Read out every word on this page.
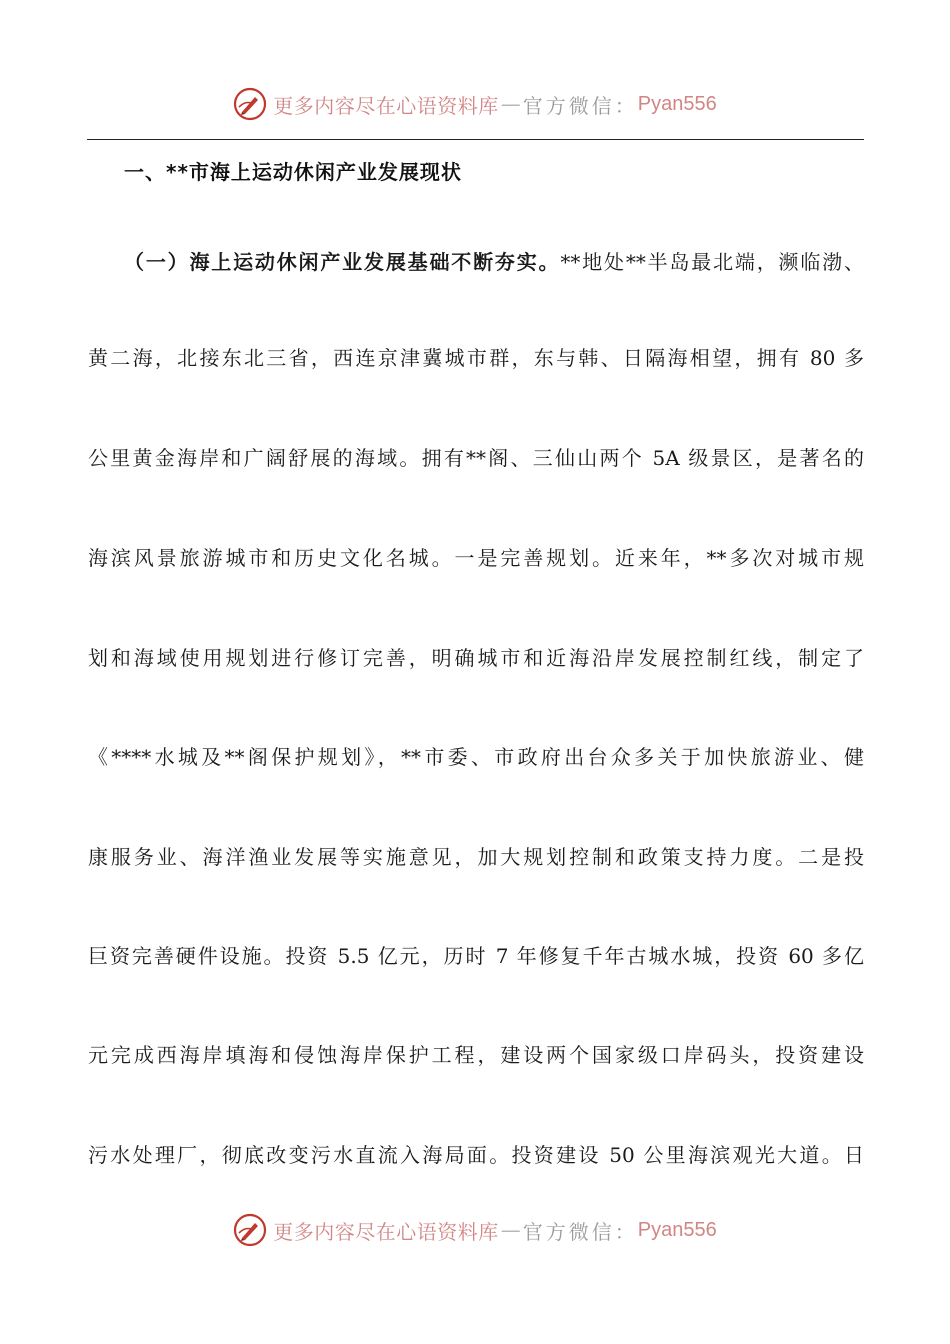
更多内容尽在心语资料库 — 官方微信： Pyan556
一、**市海上运动休闲产业发展现状
（一）海上运动休闲产业发展基础不断夯实。**地处**半岛最北端，濒临渤、
黄二海，北接东北三省，西连京津冀城市群，东与韩、日隔海相望，拥有 80 多
公里黄金海岸和广阔舒展的海域。拥有**阁、三仙山两个 5A 级景区，是著名的
海滨风景旅游城市和历史文化名城。一是完善规划。近来年，**多次对城市规
划和海域使用规划进行修订完善，明确城市和近海沿岸发展控制红线，制定了
《****水城及**阁保护规划》，**市委、市政府出台众多关于加快旅游业、健
康服务业、海洋渔业发展等实施意见，加大规划控制和政策支持力度。二是投
巨资完善硬件设施。投资 5.5 亿元，历时 7 年修复千年古城水城，投资 60 多亿
元完成西海岸填海和侵蚀海岸保护工程，建设两个国家级口岸码头，投资建设
污水处理厂，彻底改变污水直流入海局面。投资建设 50 公里海滨观光大道。日
更多内容尽在心语资料库 — 官方微信： Pyan556
